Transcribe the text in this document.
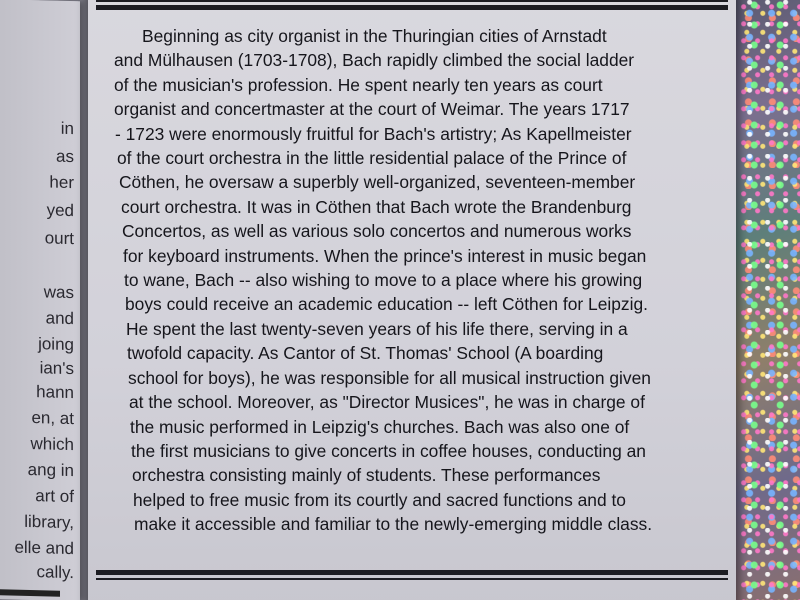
in
as
her
yed
ourt
was
and
joing
ian's
hann
en, at
which
ang in
art of
library,
elle and
cally.
Beginning as city organist in the Thuringian cities of Arnstadt
and Mülhausen (1703-1708), Bach rapidly climbed the social ladder
of the musician's profession. He spent nearly ten years as court
organist and concertmaster at the court of Weimar. The years 1717
- 1723 were enormously fruitful for Bach's artistry; As Kapellmeister
of the court orchestra in the little residential palace of the Prince of
Cöthen, he oversaw a superbly well-organized, seventeen-member
court orchestra. It was in Cöthen that Bach wrote the Brandenburg
Concertos, as well as various solo concertos and numerous works
for keyboard instruments. When the prince's interest in music began
to wane, Bach -- also wishing to move to a place where his growing
boys could receive an academic education -- left Cöthen for Leipzig.
He spent the last twenty-seven years of his life there, serving in a
twofold capacity. As Cantor of St. Thomas' School (A boarding
school for boys), he was responsible for all musical instruction given
at the school. Moreover, as "Director Musices", he was in charge of
the music performed in Leipzig's churches. Bach was also one of
the first musicians to give concerts in coffee houses, conducting an
orchestra consisting mainly of students. These performances
helped to free music from its courtly and sacred functions and to
make it accessible and familiar to the newly-emerging middle class.
